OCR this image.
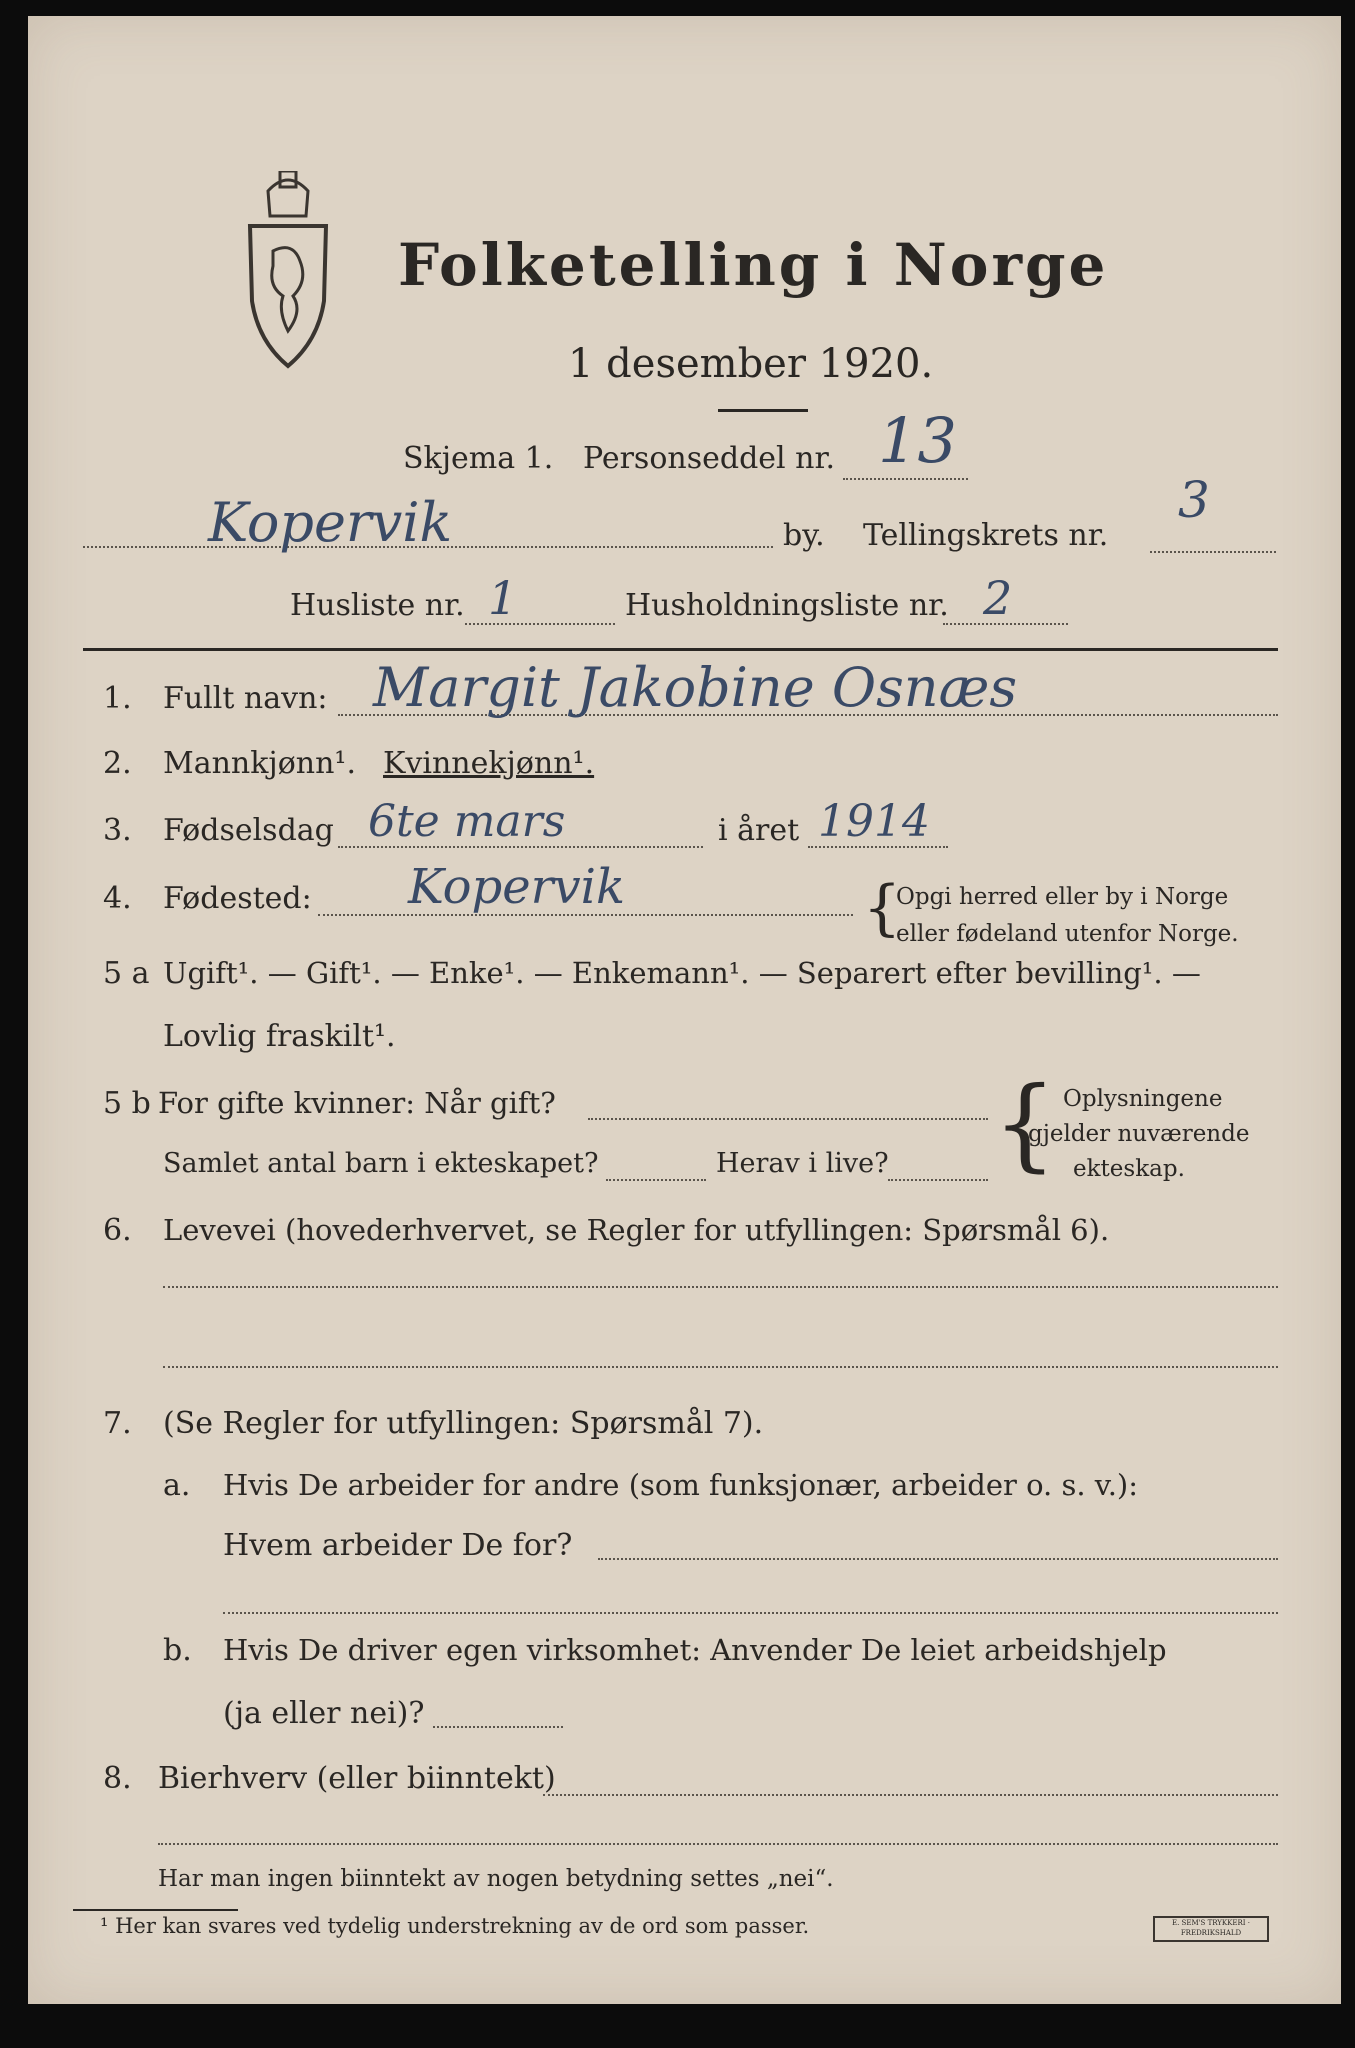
Folketelling i Norge
1 desember 1920.
Skjema 1. Personseddel nr. 13
Kopervik	by. Tellingskrets nr.
3
Husliste nr. 1	Husholdningsliste nr. 2
1. Fullt navn: Margit Jakobine Osnæs
2. Mannkjønn¹. Kvinnekjønn¹.
3. Fødselsdag 6te mars	i året 1914
4. Fødested: Kopervik	{
Opgi herred eller by i Norge
eller fødeland utenfor Norge.
5 a Ugift¹. — Gift¹. — Enke¹. — Enkemann¹. — Separert efter bevilling¹. —
Lovlig fraskilt¹.
5 b For gifte kvinner: Når gift?
Samlet antal barn i ekteskapet?	Herav i live? { Oplysningene
gjelder nuværende
ekteskap.
6. Levevei (hovederhvervet, se Regler for utfyllingen: Spørsmål 6).
7. (Se Regler for utfyllingen: Spørsmål 7).
a. Hvis De arbeider for andre (som funksjonær, arbeider o. s. v.):
Hvem arbeider De for?
b. Hvis De driver egen virksomhet: Anvender De leiet arbeidshjelp
(ja eller nei)?
8. Bierhverv (eller biinntekt)
Har man ingen biinntekt av nogen betydning settes „nei“.
¹ Her kan svares ved tydelig understrekning av de ord som passer.	E. SEM'S TRYKKERI · FREDRIKSHALD
